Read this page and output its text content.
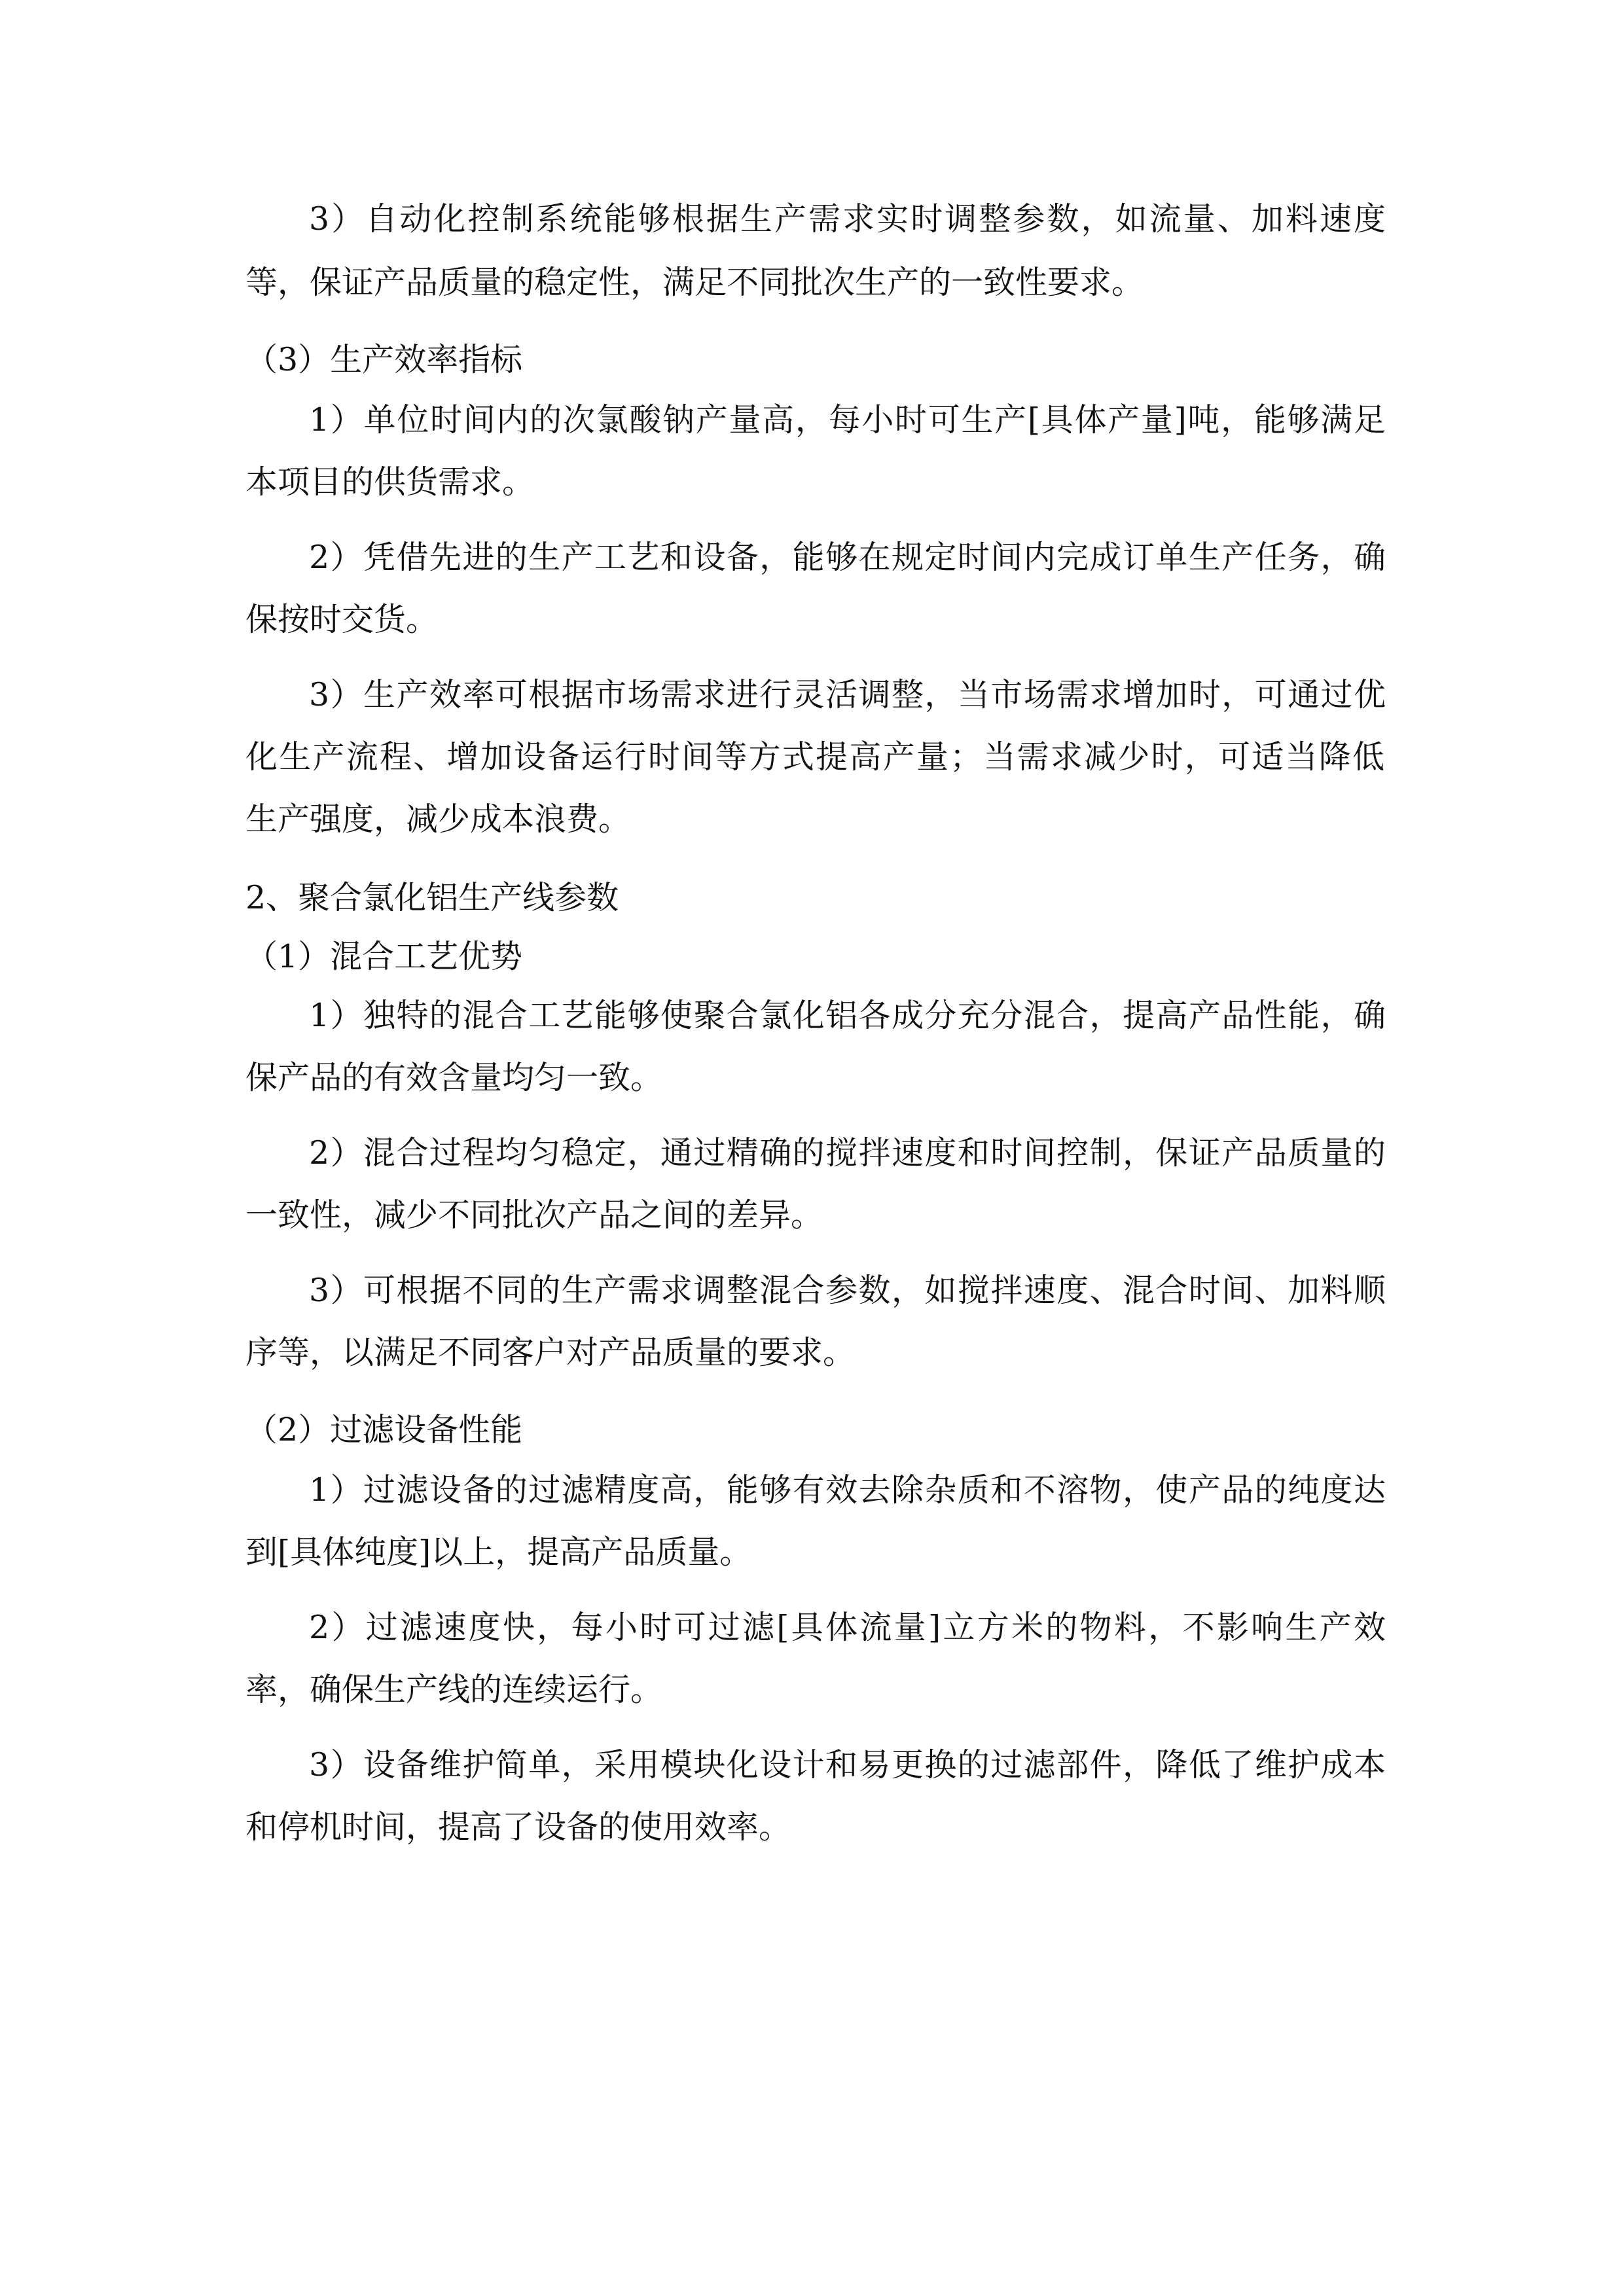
3）自动化控制系统能够根据生产需求实时调整参数，如流量、加料速度
等，保证产品质量的稳定性，满足不同批次生产的一致性要求。
（3）生产效率指标
1）单位时间内的次氯酸钠产量高，每小时可生产[具体产量]吨，能够满足
本项目的供货需求。
2）凭借先进的生产工艺和设备，能够在规定时间内完成订单生产任务，确
保按时交货。
3）生产效率可根据市场需求进行灵活调整，当市场需求增加时，可通过优
化生产流程、增加设备运行时间等方式提高产量；当需求减少时，可适当降低
生产强度，减少成本浪费。
2、聚合氯化铝生产线参数
（1）混合工艺优势
1）独特的混合工艺能够使聚合氯化铝各成分充分混合，提高产品性能，确
保产品的有效含量均匀一致。
2）混合过程均匀稳定，通过精确的搅拌速度和时间控制，保证产品质量的
一致性，减少不同批次产品之间的差异。
3）可根据不同的生产需求调整混合参数，如搅拌速度、混合时间、加料顺
序等，以满足不同客户对产品质量的要求。
（2）过滤设备性能
1）过滤设备的过滤精度高，能够有效去除杂质和不溶物，使产品的纯度达
到[具体纯度]以上，提高产品质量。
2）过滤速度快，每小时可过滤[具体流量]立方米的物料，不影响生产效
率，确保生产线的连续运行。
3）设备维护简单，采用模块化设计和易更换的过滤部件，降低了维护成本
和停机时间，提高了设备的使用效率。
